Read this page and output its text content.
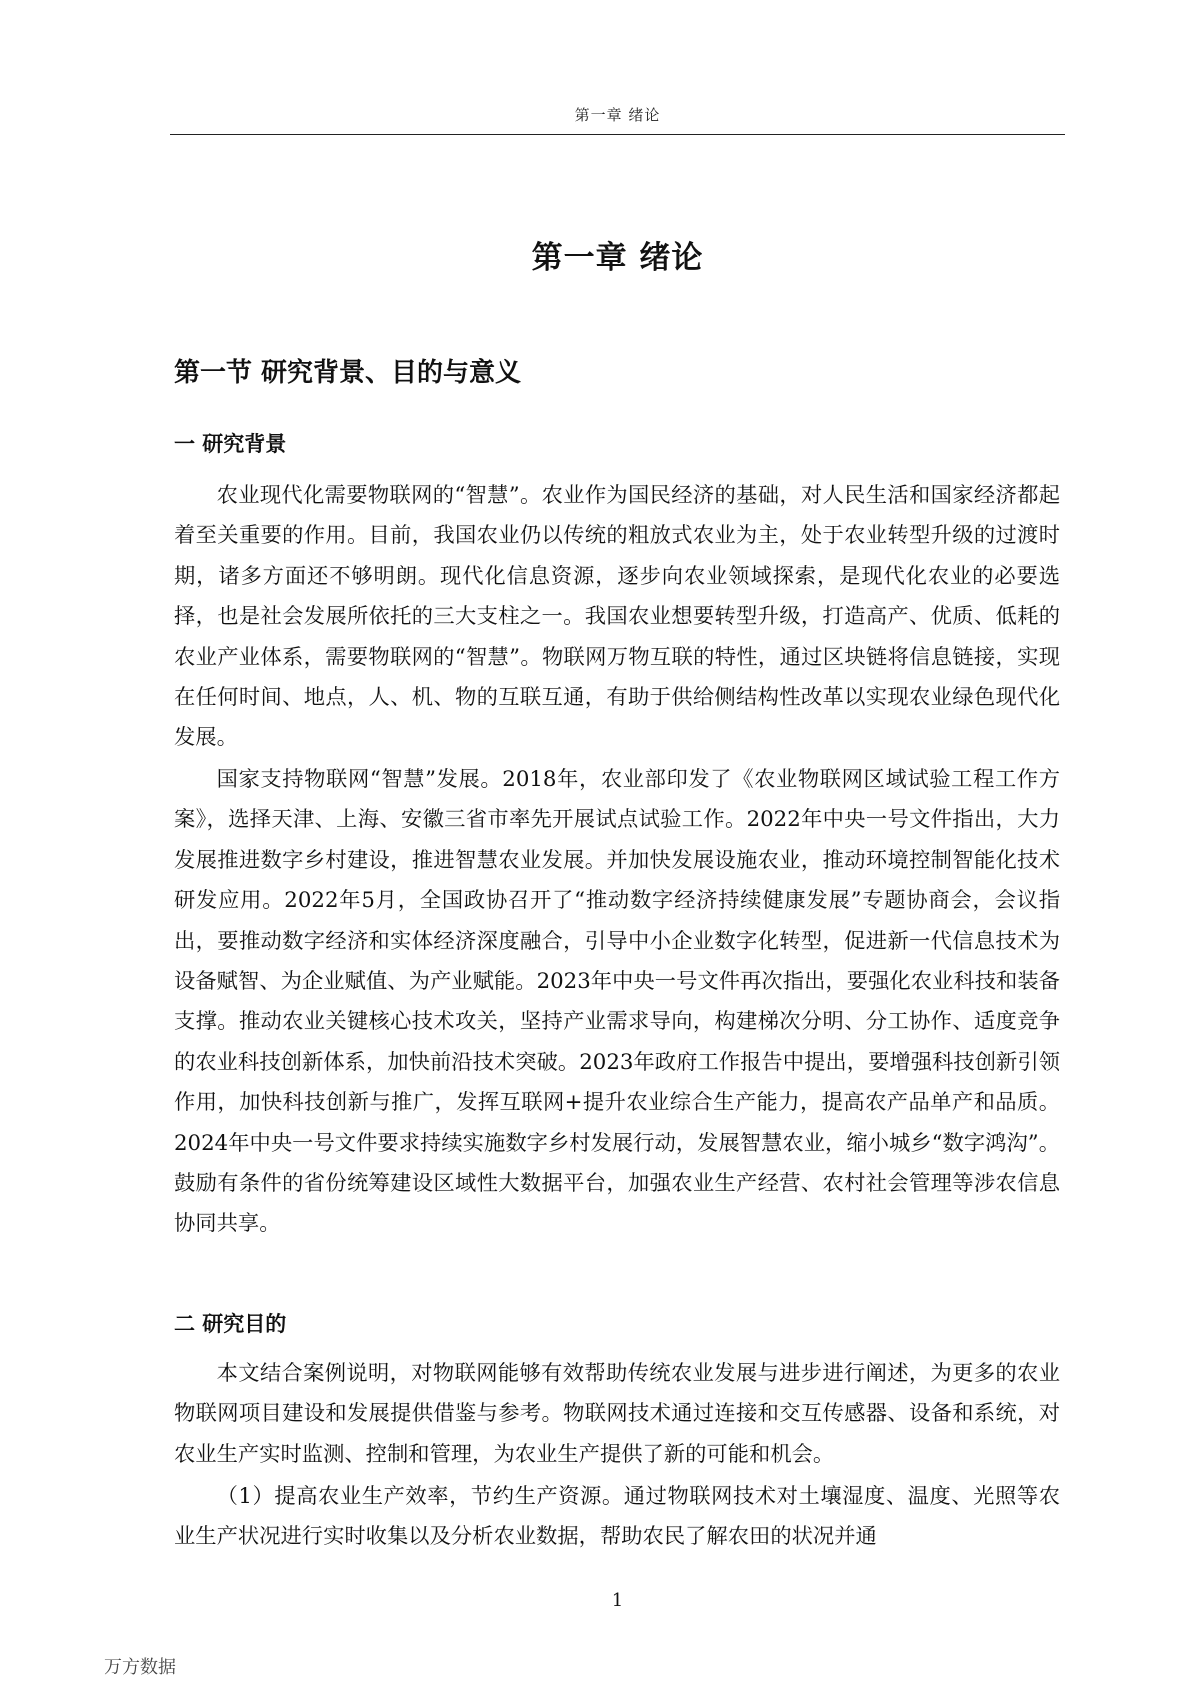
第一章 绪论
第一章 绪论
第一节 研究背景、目的与意义
一 研究背景

农业现代化需要物联网的“智慧”。农业作为国民经济的基础，对人民生活和国家经济都起着至关重要的作用。目前，我国农业仍以传统的粗放式农业为主，处于农业转型升级的过渡时期，诸多方面还不够明朗。现代化信息资源，逐步向农业领域探索，是现代化农业的必要选择，也是社会发展所依托的三大支柱之一。我国农业想要转型升级，打造高产、优质、低耗的农业产业体系，需要物联网的“智慧”。物联网万物互联的特性，通过区块链将信息链接，实现在任何时间、地点，人、机、物的互联互通，有助于供给侧结构性改革以实现农业绿色现代化发展。

国家支持物联网“智慧”发展。2018年，农业部印发了《农业物联网区域试验工程工作方案》，选择天津、上海、安徽三省市率先开展试点试验工作。2022年中央一号文件指出，大力发展推进数字乡村建设，推进智慧农业发展。并加快发展设施农业，推动环境控制智能化技术研发应用。2022年5月，全国政协召开了“推动数字经济持续健康发展”专题协商会，会议指出，要推动数字经济和实体经济深度融合，引导中小企业数字化转型，促进新一代信息技术为设备赋智、为企业赋值、为产业赋能。2023年中央一号文件再次指出，要强化农业科技和装备支撑。推动农业关键核心技术攻关，坚持产业需求导向，构建梯次分明、分工协作、适度竞争的农业科技创新体系，加快前沿技术突破。2023年政府工作报告中提出，要增强科技创新引领作用，加快科技创新与推广，发挥互联网+提升农业综合生产能力，提高农产品单产和品质。2024年中央一号文件要求持续实施数字乡村发展行动，发展智慧农业，缩小城乡“数字鸿沟”。鼓励有条件的省份统筹建设区域性大数据平台，加强农业生产经营、农村社会管理等涉农信息协同共享。

二 研究目的

本文结合案例说明，对物联网能够有效帮助传统农业发展与进步进行阐述，为更多的农业物联网项目建设和发展提供借鉴与参考。物联网技术通过连接和交互传感器、设备和系统，对农业生产实时监测、控制和管理，为农业生产提供了新的可能和机会。

（1）提高农业生产效率，节约生产资源。通过物联网技术对土壤湿度、温度、光照等农业生产状况进行实时收集以及分析农业数据，帮助农民了解农田的状况并通

1
万方数据
